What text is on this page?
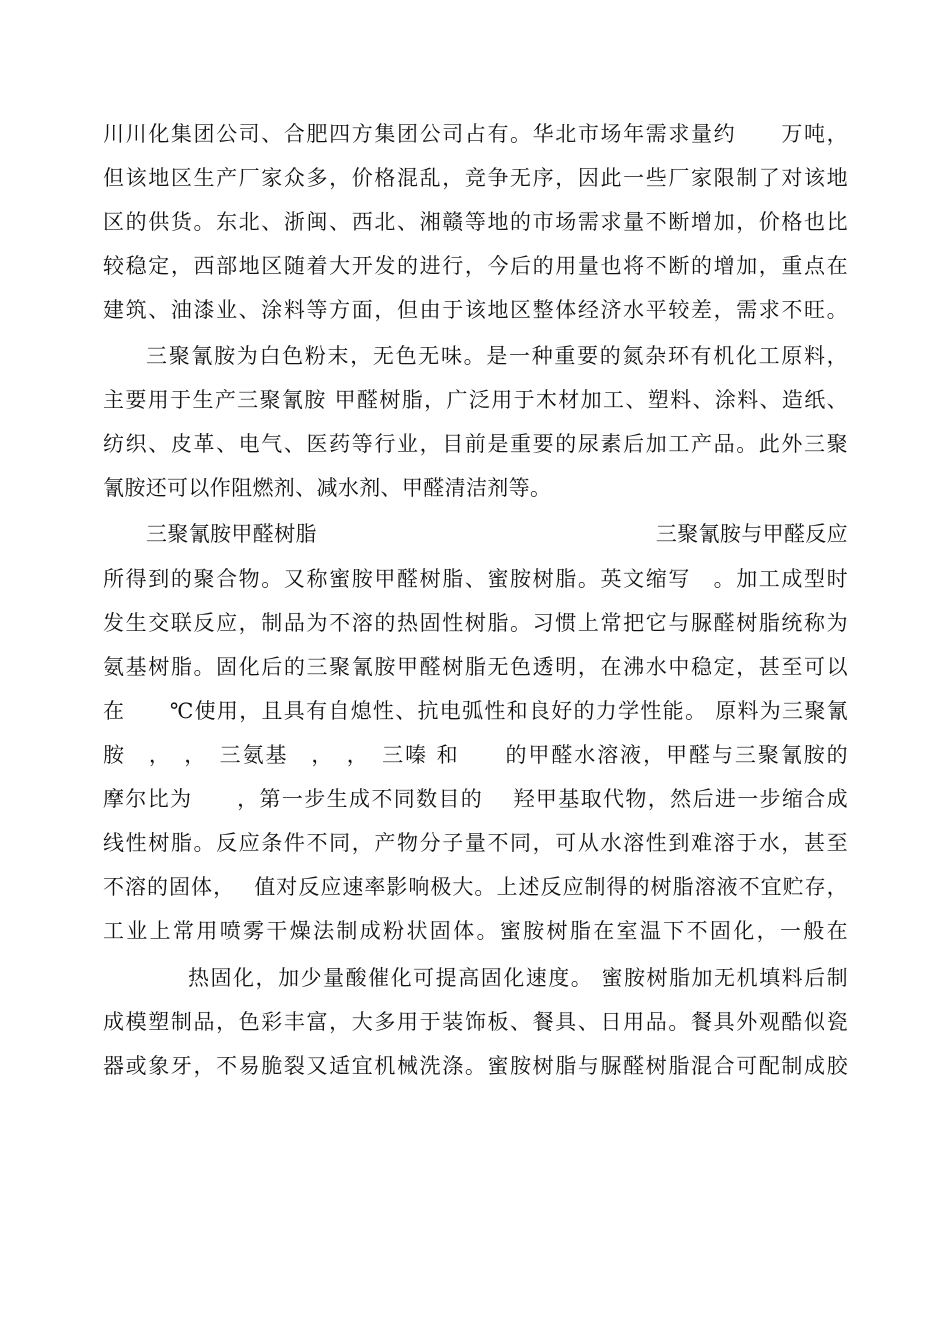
川川化集团公司、合肥四方集团公司占有。华北市场年需求量约　　万吨，
但该地区生产厂家众多，价格混乱，竞争无序，因此一些厂家限制了对该地
区的供货。东北、浙闽、西北、湘赣等地的市场需求量不断增加，价格也比
较稳定，西部地区随着大开发的进行，今后的用量也将不断的增加，重点在
建筑、油漆业、涂料等方面，但由于该地区整体经济水平较差，需求不旺。
三聚氰胺为白色粉末，无色无味。是一种重要的氮杂环有机化工原料，
主要用于生产三聚氰胺 甲醛树脂，广泛用于木材加工、塑料、涂料、造纸、
纺织、皮革、电气、医药等行业，目前是重要的尿素后加工产品。此外三聚
氰胺还可以作阻燃剂、减水剂、甲醛清洁剂等。
三聚氰胺甲醛树脂	三聚氰胺与甲醛反应
所得到的聚合物。又称蜜胺甲醛树脂、蜜胺树脂。英文缩写　。加工成型时
发生交联反应，制品为不溶的热固性树脂。习惯上常把它与脲醛树脂统称为
氨基树脂。固化后的三聚氰胺甲醛树脂无色透明，在沸水中稳定，甚至可以
在　　℃使用，且具有自熄性、抗电弧性和良好的力学性能。 原料为三聚氰
胺　，　，　三氨基　，　，　三嗪 和　　的甲醛水溶液，甲醛与三聚氰胺的
摩尔比为　　，第一步生成不同数目的　 羟甲基取代物，然后进一步缩合成
线性树脂。反应条件不同，产物分子量不同，可从水溶性到难溶于水，甚至
不溶的固体，　 值对反应速率影响极大。上述反应制得的树脂溶液不宜贮存，
工业上常用喷雾干燥法制成粉状固体。蜜胺树脂在室温下不固化，一般在
热固化，加少量酸催化可提高固化速度。 蜜胺树脂加无机填料后制
成模塑制品，色彩丰富，大多用于装饰板、餐具、日用品。餐具外观酷似瓷
器或象牙，不易脆裂又适宜机械洗涤。蜜胺树脂与脲醛树脂混合可配制成胶
